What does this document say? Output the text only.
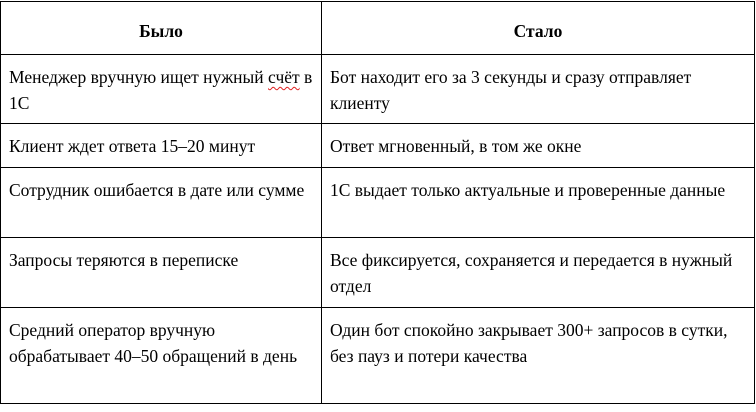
Было	Стало
Менеджер вручную ищет нужный счёт в 1С	Бот находит его за 3 секунды и сразу отправляет клиенту
Клиент ждет ответа 15–20 минут	Ответ мгновенный, в том же окне
Сотрудник ошибается в дате или сумме	1С выдает только актуальные и проверенные данные
Запросы теряются в переписке	Все фиксируется, сохраняется и передается в нужный отдел
Средний оператор вручную обрабатывает 40–50 обращений в день	Один бот спокойно закрывает 300+ запросов в сутки, без пауз и потери качества
